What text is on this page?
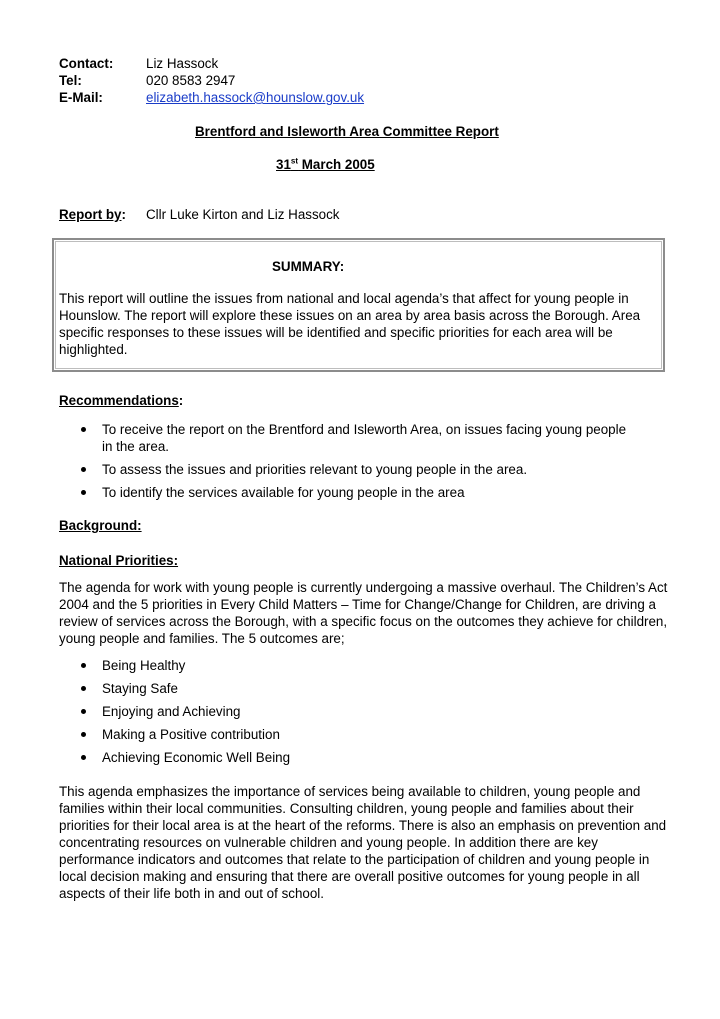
Contact: Liz Hassock
Tel:	020 8583 2947
E-Mail:	elizabeth.hassock@hounslow.gov.uk
Brentford and Isleworth Area Committee Report
31st March 2005
Report by: Cllr Luke Kirton and Liz Hassock
SUMMARY:
This report will outline the issues from national and local agenda’s that affect for young people in Hounslow. The report will explore these issues on an area by area basis across the Borough. Area specific responses to these issues will be identified and specific priorities for each area will be highlighted.
Recommendations:
To receive the report on the Brentford and Isleworth Area, on issues facing young people in the area.
To assess the issues and priorities relevant to young people in the area.
To identify the services available for young people in the area
Background:
National Priorities:
The agenda for work with young people is currently undergoing a massive overhaul. The Children’s Act 2004 and the 5 priorities in Every Child Matters – Time for Change/Change for Children, are driving a review of services across the Borough, with a specific focus on the outcomes they achieve for children, young people and families. The 5 outcomes are;
Being Healthy
Staying Safe
Enjoying and Achieving
Making a Positive contribution
Achieving Economic Well Being
This agenda emphasizes the importance of services being available to children, young people and families within their local communities. Consulting children, young people and families about their priorities for their local area is at the heart of the reforms. There is also an emphasis on prevention and concentrating resources on vulnerable children and young people. In addition there are key performance indicators and outcomes that relate to the participation of children and young people in local decision making and ensuring that there are overall positive outcomes for young people in all aspects of their life both in and out of school.
